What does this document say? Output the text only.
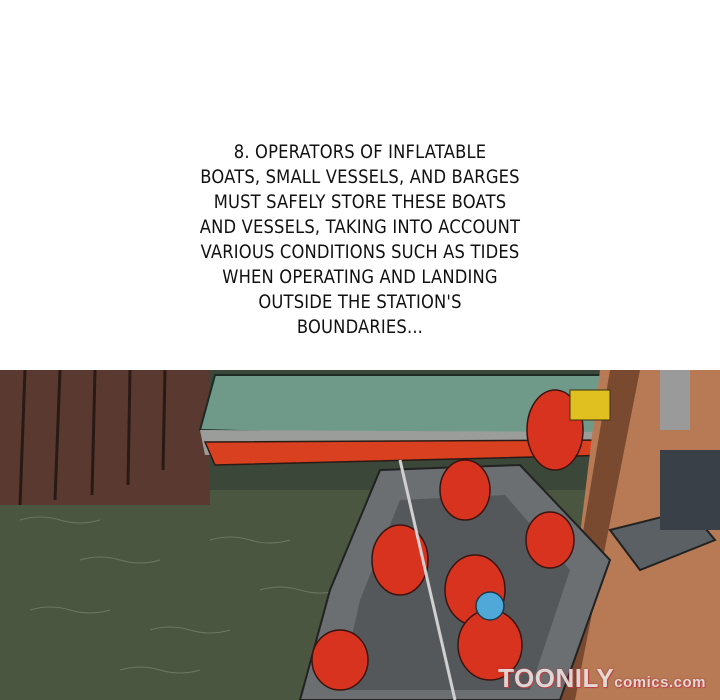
8. OPERATORS OF INFLATABLE
BOATS, SMALL VESSELS, AND BARGES
MUST SAFELY STORE THESE BOATS
AND VESSELS, TAKING INTO ACCOUNT
VARIOUS CONDITIONS SUCH AS TIDES
WHEN OPERATING AND LANDING
OUTSIDE THE STATION'S
BOUNDARIES...
TOONILYcomics.com
